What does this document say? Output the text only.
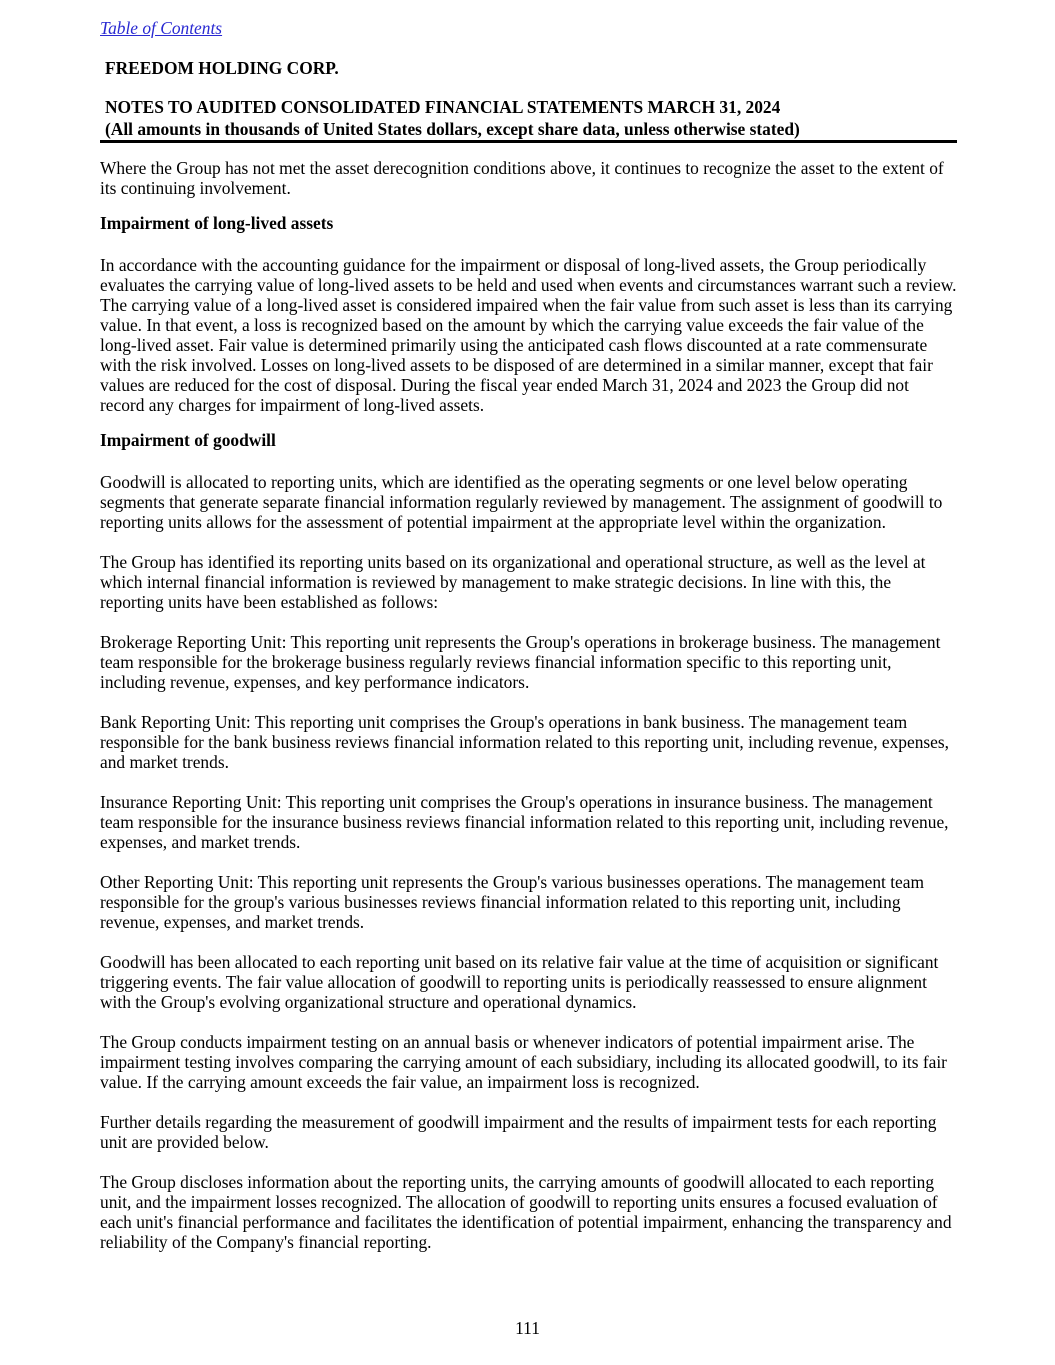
Table of Contents
FREEDOM HOLDING CORP.
NOTES TO AUDITED CONSOLIDATED FINANCIAL STATEMENTS MARCH 31, 2024
(All amounts in thousands of United States dollars, except share data, unless otherwise stated)

Where the Group has not met the asset derecognition conditions above, it continues to recognize the asset to the extent of its continuing involvement.

Impairment of long-lived assets

In accordance with the accounting guidance for the impairment or disposal of long-lived assets, the Group periodically evaluates the carrying value of long-lived assets to be held and used when events and circumstances warrant such a review. The carrying value of a long-lived asset is considered impaired when the fair value from such asset is less than its carrying value. In that event, a loss is recognized based on the amount by which the carrying value exceeds the fair value of the long-lived asset. Fair value is determined primarily using the anticipated cash flows discounted at a rate commensurate with the risk involved. Losses on long-lived assets to be disposed of are determined in a similar manner, except that fair values are reduced for the cost of disposal. During the fiscal year ended March 31, 2024 and 2023 the Group did not record any charges for impairment of long-lived assets.

Impairment of goodwill

Goodwill is allocated to reporting units, which are identified as the operating segments or one level below operating segments that generate separate financial information regularly reviewed by management. The assignment of goodwill to reporting units allows for the assessment of potential impairment at the appropriate level within the organization.

The Group has identified its reporting units based on its organizational and operational structure, as well as the level at which internal financial information is reviewed by management to make strategic decisions. In line with this, the reporting units have been established as follows:

Brokerage Reporting Unit: This reporting unit represents the Group's operations in brokerage business. The management team responsible for the brokerage business regularly reviews financial information specific to this reporting unit, including revenue, expenses, and key performance indicators.

Bank Reporting Unit: This reporting unit comprises the Group's operations in bank business. The management team responsible for the bank business reviews financial information related to this reporting unit, including revenue, expenses, and market trends.

Insurance Reporting Unit: This reporting unit comprises the Group's operations in insurance business. The management team responsible for the insurance business reviews financial information related to this reporting unit, including revenue, expenses, and market trends.

Other Reporting Unit: This reporting unit represents the Group's various businesses operations. The management team responsible for the group's various businesses reviews financial information related to this reporting unit, including revenue, expenses, and market trends.

Goodwill has been allocated to each reporting unit based on its relative fair value at the time of acquisition or significant triggering events. The fair value allocation of goodwill to reporting units is periodically reassessed to ensure alignment with the Group's evolving organizational structure and operational dynamics.

The Group conducts impairment testing on an annual basis or whenever indicators of potential impairment arise. The impairment testing involves comparing the carrying amount of each subsidiary, including its allocated goodwill, to its fair value. If the carrying amount exceeds the fair value, an impairment loss is recognized.

Further details regarding the measurement of goodwill impairment and the results of impairment tests for each reporting unit are provided below.

The Group discloses information about the reporting units, the carrying amounts of goodwill allocated to each reporting unit, and the impairment losses recognized. The allocation of goodwill to reporting units ensures a focused evaluation of each unit's financial performance and facilitates the identification of potential impairment, enhancing the transparency and reliability of the Company's financial reporting.

111
